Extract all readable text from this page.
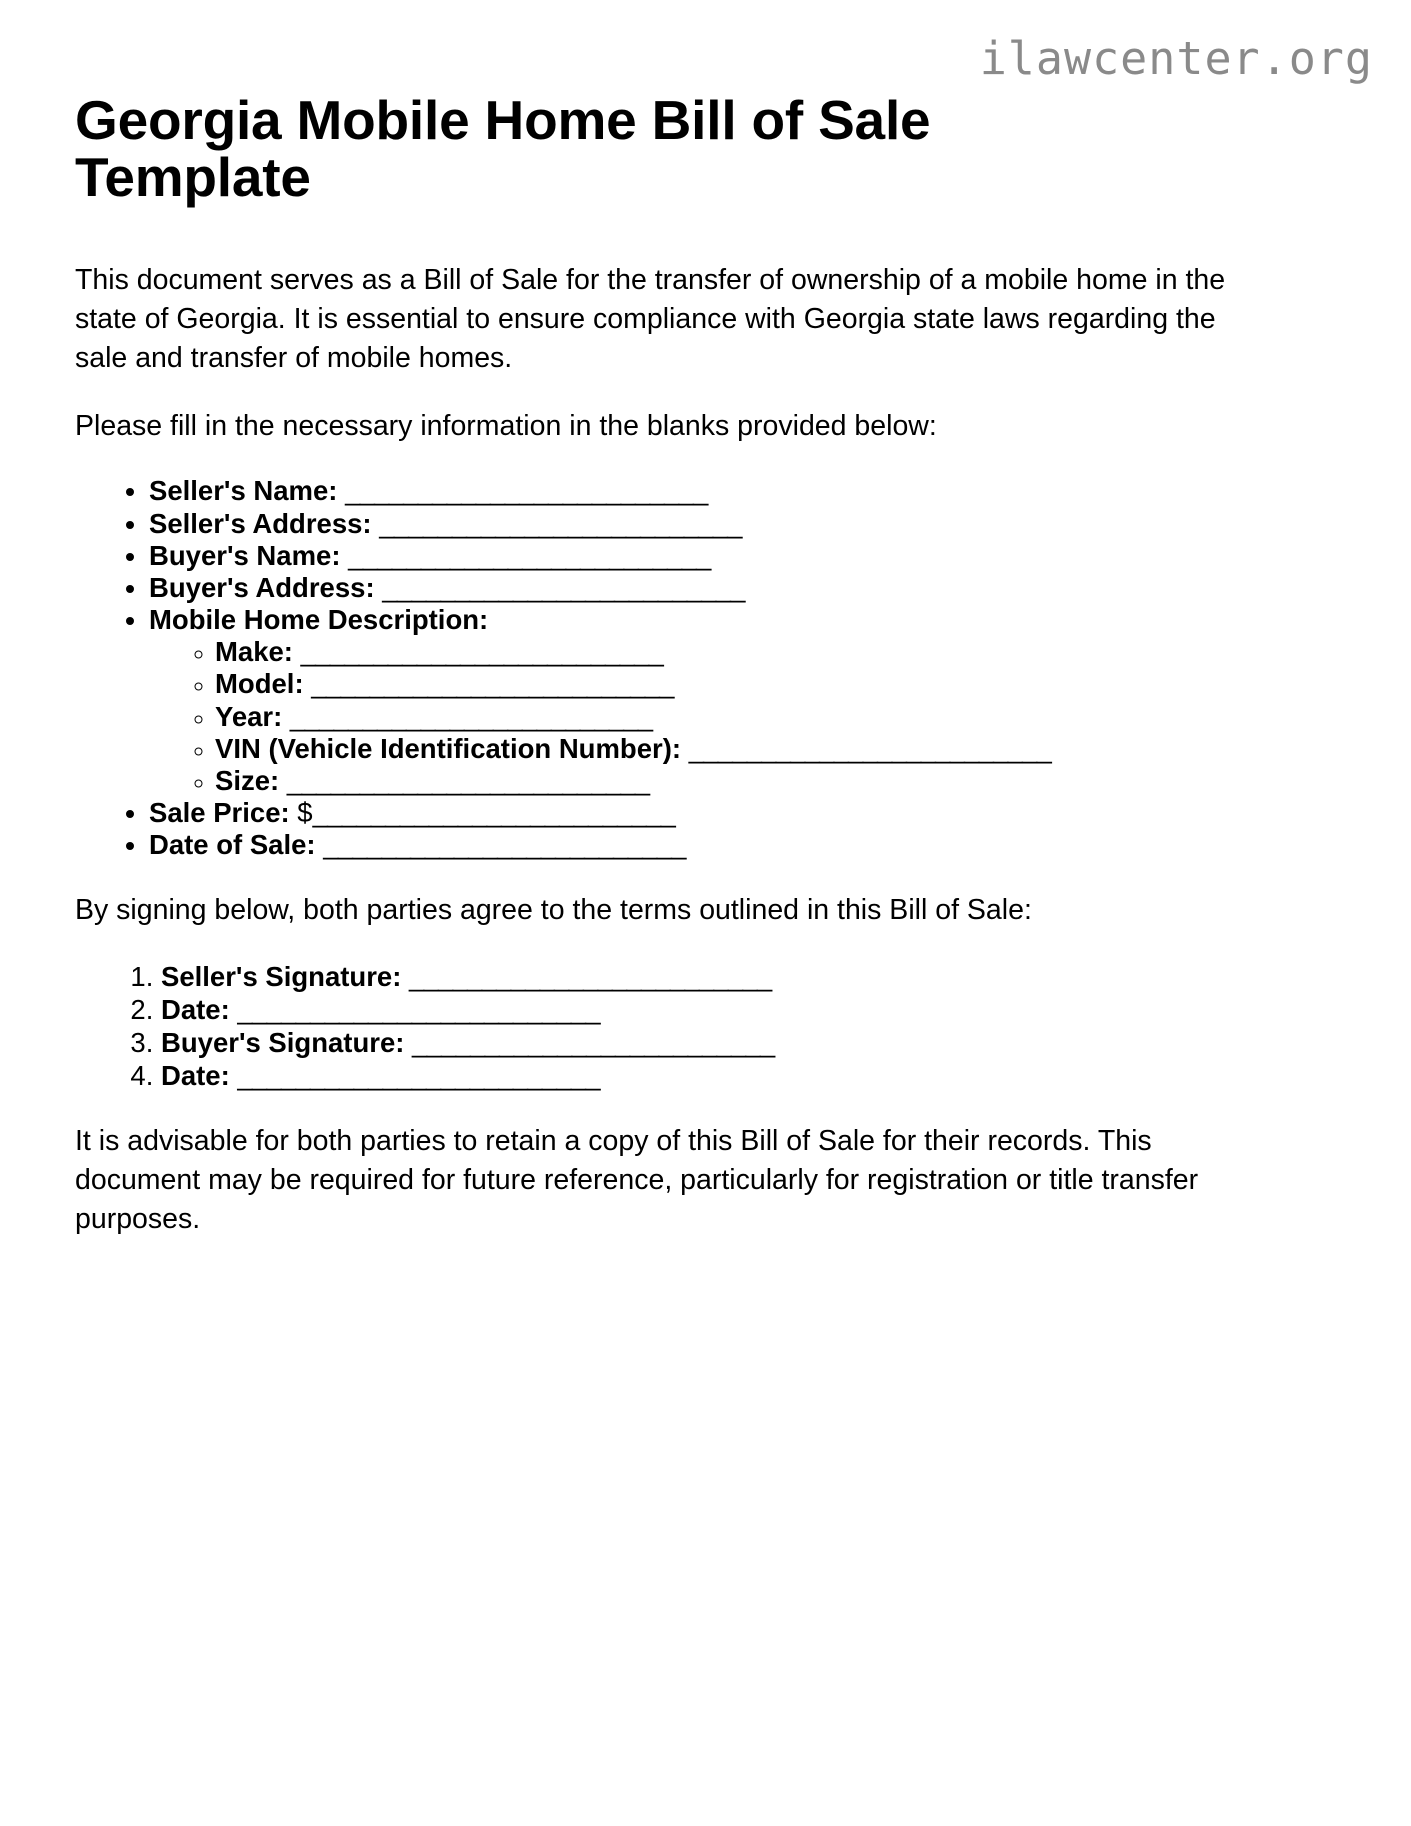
ilawcenter.org
Georgia Mobile Home Bill of Sale Template

This document serves as a Bill of Sale for the transfer of ownership of a mobile home in the state of Georgia. It is essential to ensure compliance with Georgia state laws regarding the sale and transfer of mobile homes.

Please fill in the necessary information in the blanks provided below:

• Seller's Name: _________________________
• Seller's Address: _________________________
• Buyer's Name: _________________________
• Buyer's Address: _________________________
• Mobile Home Description:
◦ Make: _________________________
◦ Model: _________________________
◦ Year: _________________________
◦ VIN (Vehicle Identification Number): _________________________
◦ Size: _________________________
• Sale Price: $_________________________
• Date of Sale: _________________________

By signing below, both parties agree to the terms outlined in this Bill of Sale:

1. Seller's Signature: _________________________
2. Date: _________________________
3. Buyer's Signature: _________________________
4. Date: _________________________

It is advisable for both parties to retain a copy of this Bill of Sale for their records. This document may be required for future reference, particularly for registration or title transfer purposes.
